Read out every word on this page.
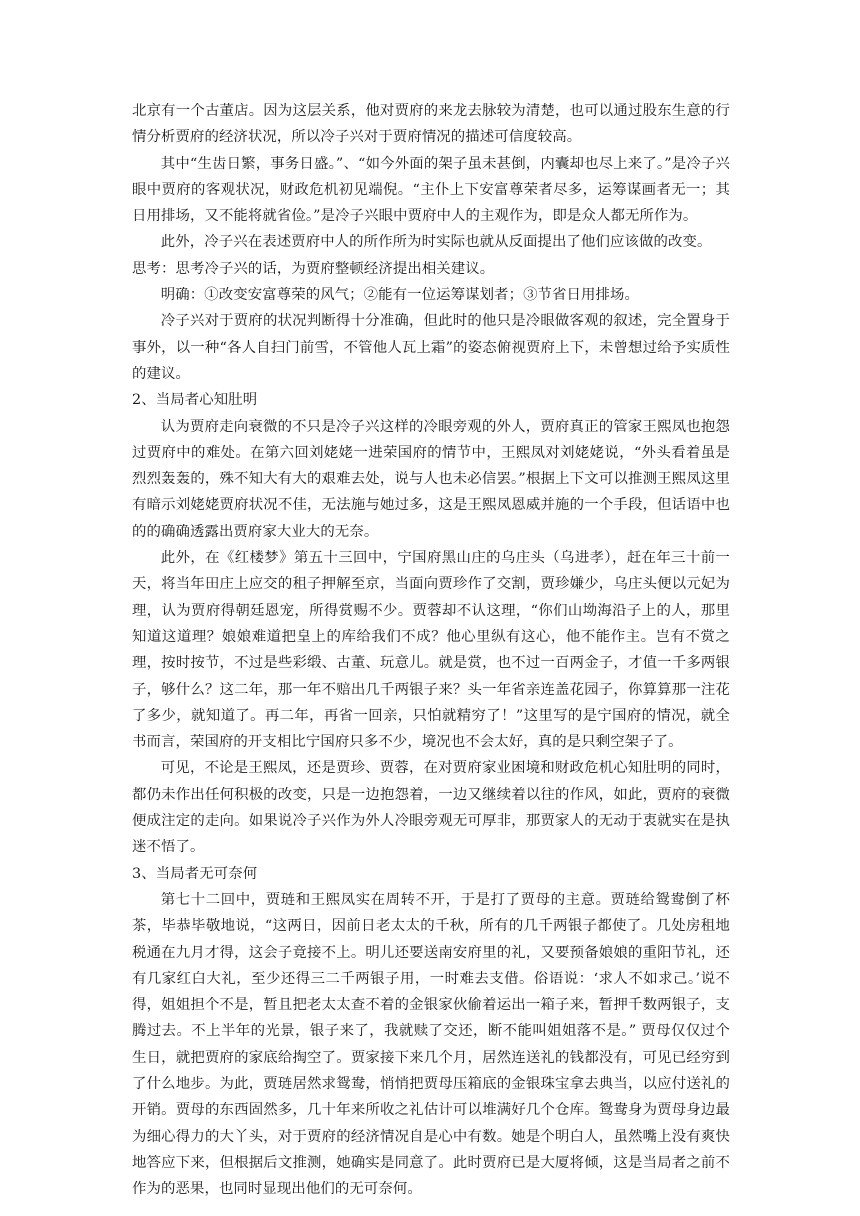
北京有一个古董店。因为这层关系，他对贾府的来龙去脉较为清楚，也可以通过股东生意的行情分析贾府的经济状况，所以冷子兴对于贾府情况的描述可信度较高。

其中“生齿日繁，事务日盛。”、“如今外面的架子虽未甚倒，内囊却也尽上来了。”是冷子兴眼中贾府的客观状况，财政危机初见端倪。“主仆上下安富尊荣者尽多，运筹谋画者无一；其日用排场，又不能将就省俭。”是冷子兴眼中贾府中人的主观作为，即是众人都无所作为。

此外，冷子兴在表述贾府中人的所作所为时实际也就从反面提出了他们应该做的改变。

思考：思考冷子兴的话，为贾府整顿经济提出相关建议。

明确：①改变安富尊荣的风气；②能有一位运筹谋划者；③节省日用排场。

冷子兴对于贾府的状况判断得十分准确，但此时的他只是冷眼做客观的叙述，完全置身于事外，以一种“各人自扫门前雪，不管他人瓦上霜”的姿态俯视贾府上下，未曾想过给予实质性的建议。

2、当局者心知肚明

认为贾府走向衰微的不只是冷子兴这样的冷眼旁观的外人，贾府真正的管家王熙凤也抱怨过贾府中的难处。在第六回刘姥姥一进荣国府的情节中，王熙凤对刘姥姥说，“外头看着虽是烈烈轰轰的，殊不知大有大的艰难去处，说与人也未必信罢。”根据上下文可以推测王熙凤这里有暗示刘姥姥贾府状况不佳，无法施与她过多，这是王熙凤恩威并施的一个手段，但话语中也的的确确透露出贾府家大业大的无奈。

此外，在《红楼梦》第五十三回中，宁国府黑山庄的乌庄头（乌进孝），赶在年三十前一天，将当年田庄上应交的租子押解至京，当面向贾珍作了交割，贾珍嫌少，乌庄头便以元妃为理，认为贾府得朝廷恩宠，所得赏赐不少。贾蓉却不认这理，“你们山坳海沿子上的人，那里知道这道理？娘娘难道把皇上的库给我们不成？他心里纵有这心，他不能作主。岂有不赏之理，按时按节，不过是些彩缎、古董、玩意儿。就是赏，也不过一百两金子，才值一千多两银子，够什么？这二年，那一年不赔出几千两银子来？头一年省亲连盖花园子，你算算那一注花了多少，就知道了。再二年，再省一回亲，只怕就精穷了！”这里写的是宁国府的情况，就全书而言，荣国府的开支相比宁国府只多不少，境况也不会太好，真的是只剩空架子了。

可见，不论是王熙凤，还是贾珍、贾蓉，在对贾府家业困境和财政危机心知肚明的同时，都仍未作出任何积极的改变，只是一边抱怨着，一边又继续着以往的作风，如此，贾府的衰微便成注定的走向。如果说冷子兴作为外人冷眼旁观无可厚非，那贾家人的无动于衷就实在是执迷不悟了。

3、当局者无可奈何

第七十二回中，贾琏和王熙凤实在周转不开，于是打了贾母的主意。贾琏给鸳鸯倒了杯茶，毕恭毕敬地说，“这两日，因前日老太太的千秋，所有的几千两银子都使了。几处房租地税通在九月才得，这会子竟接不上。明儿还要送南安府里的礼，又要预备娘娘的重阳节礼，还有几家红白大礼，至少还得三二千两银子用，一时难去支借。俗语说：‘求人不如求己。’说不得，姐姐担个不是，暂且把老太太查不着的金银家伙偷着运出一箱子来，暂押千数两银子，支腾过去。不上半年的光景，银子来了，我就赎了交还，断不能叫姐姐落不是。” 贾母仅仅过个生日，就把贾府的家底给掏空了。贾家接下来几个月，居然连送礼的钱都没有，可见已经穷到了什么地步。为此，贾琏居然求鸳鸯，悄悄把贾母压箱底的金银珠宝拿去典当，以应付送礼的开销。贾母的东西固然多，几十年来所收之礼估计可以堆满好几个仓库。鸳鸯身为贾母身边最为细心得力的大丫头，对于贾府的经济情况自是心中有数。她是个明白人，虽然嘴上没有爽快地答应下来，但根据后文推测，她确实是同意了。此时贾府已是大厦将倾，这是当局者之前不作为的恶果，也同时显现出他们的无可奈何。
